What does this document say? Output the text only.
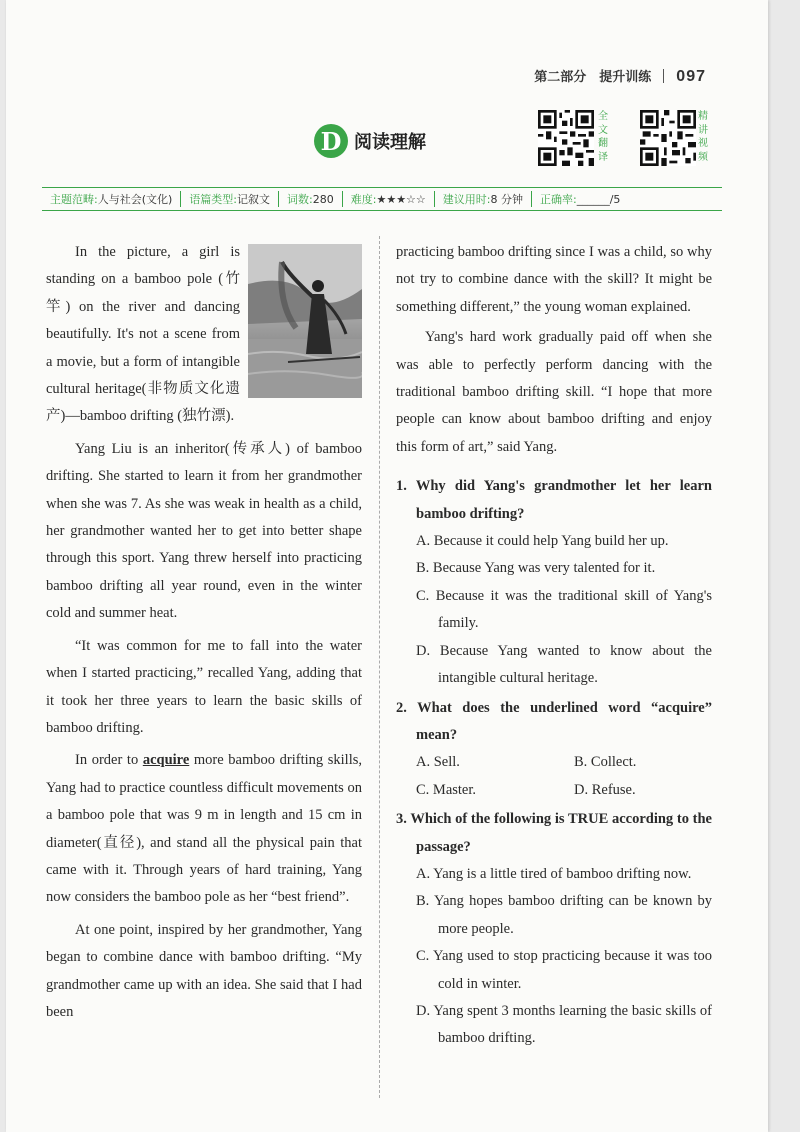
第二部分　提升训练 097
D 阅读理解
全文翻译
精讲视频
主题范畴:人与社会(文化)	语篇类型:记叙文	词数:280	难度:★★★☆☆	建议用时:8 分钟	正确率:______/5

In the picture, a girl is standing on a bamboo pole (竹竿) on the river and dancing beautifully. It's not a scene from a movie, but a form of intangible cultural heritage(非物质文化遗产)—bamboo drifting (独竹漂).

Yang Liu is an inheritor(传承人) of bamboo drifting. She started to learn it from her grandmother when she was 7. As she was weak in health as a child, her grandmother wanted her to get into better shape through this sport. Yang threw herself into practicing bamboo drifting all year round, even in the winter cold and summer heat.

“It was common for me to fall into the water when I started practicing,” recalled Yang, adding that it took her three years to learn the basic skills of bamboo drifting.

In order to acquire more bamboo drifting skills, Yang had to practice countless difficult movements on a bamboo pole that was 9 m in length and 15 cm in diameter(直径), and stand all the physical pain that came with it. Through years of hard training, Yang now considers the bamboo pole as her “best friend”.

At one point, inspired by her grandmother, Yang began to combine dance with bamboo drifting. “My grandmother came up with an idea. She said that I had been

practicing bamboo drifting since I was a child, so why not try to combine dance with the skill? It might be something different,” the young woman explained.

Yang's hard work gradually paid off when she was able to perfectly perform dancing with the traditional bamboo drifting skill. “I hope that more people can know about bamboo drifting and enjoy this form of art,” said Yang.

1. Why did Yang's grandmother let her learn bamboo drifting?

A. Because it could help Yang build her up.

B. Because Yang was very talented for it.

C. Because it was the traditional skill of Yang's family.

D. Because Yang wanted to know about the intangible cultural heritage.

2. What does the underlined word “acquire” mean?

A. Sell.	B. Collect.
C. Master.	D. Refuse.

3. Which of the following is TRUE according to the passage?

A. Yang is a little tired of bamboo drifting now.

B. Yang hopes bamboo drifting can be known by more people.

C. Yang used to stop practicing because it was too cold in winter.

D. Yang spent 3 months learning the basic skills of bamboo drifting.
